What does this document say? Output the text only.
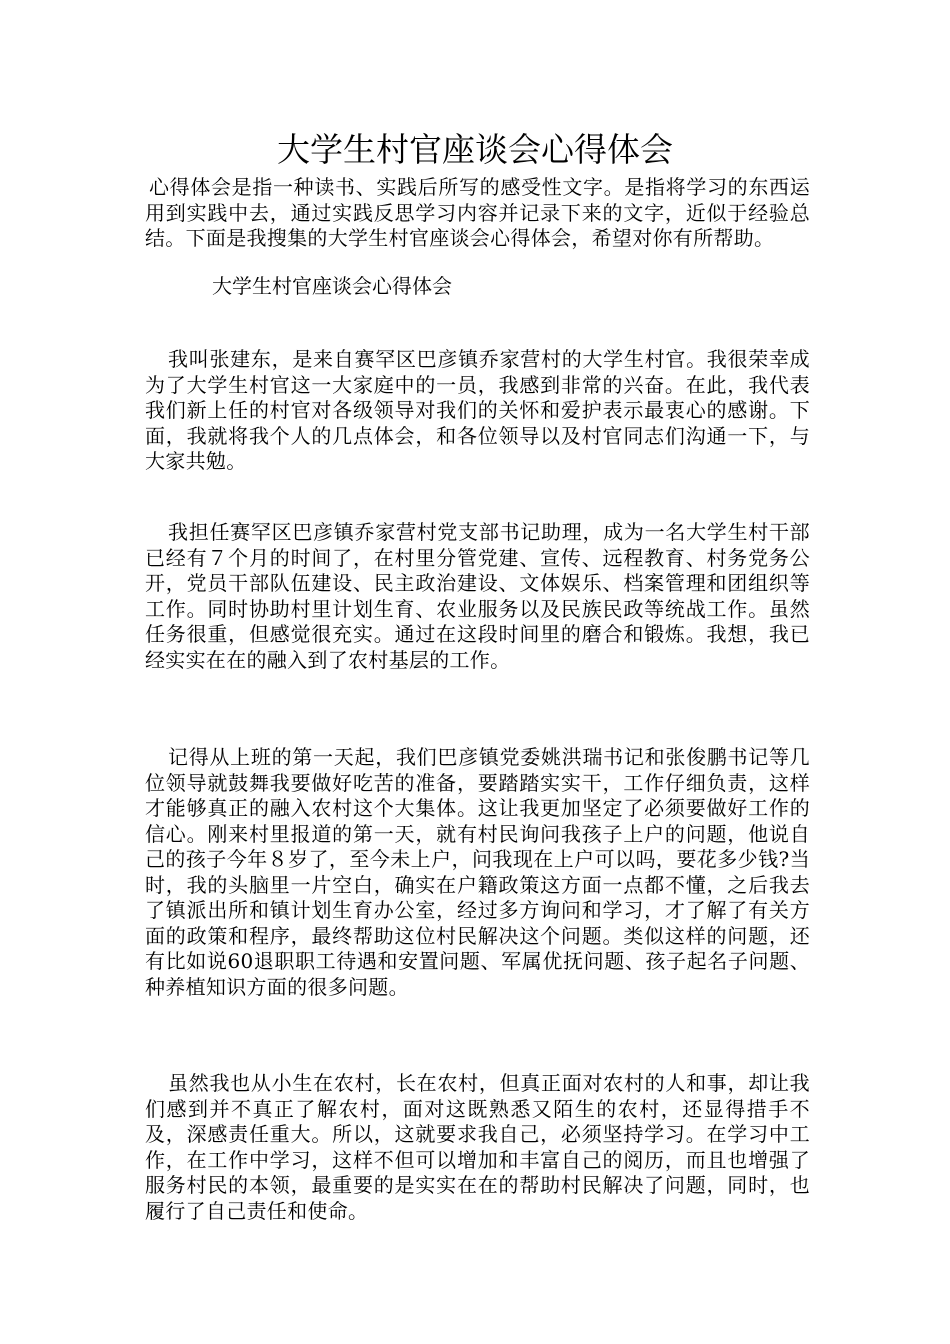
大学生村官座谈会心得体会
心得体会是指一种读书、实践后所写的感受性文字。是指将学习的东西运用到实践中去，通过实践反思学习内容并记录下来的文字，近似于经验总结。下面是我搜集的大学生村官座谈会心得体会，希望对你有所帮助。
大学生村官座谈会心得体会
我叫张建东，是来自赛罕区巴彦镇乔家营村的大学生村官。我很荣幸成为了大学生村官这一大家庭中的一员，我感到非常的兴奋。在此，我代表我们新上任的村官对各级领导对我们的关怀和爱护表示最衷心的感谢。下面，我就将我个人的几点体会，和各位领导以及村官同志们沟通一下，与大家共勉。
我担任赛罕区巴彦镇乔家营村党支部书记助理，成为一名大学生村干部已经有７个月的时间了，在村里分管党建、宣传、远程教育、村务党务公开，党员干部队伍建设、民主政治建设、文体娱乐、档案管理和团组织等工作。同时协助村里计划生育、农业服务以及民族民政等统战工作。虽然任务很重，但感觉很充实。通过在这段时间里的磨合和锻炼。我想，我已经实实在在的融入到了农村基层的工作。
记得从上班的第一天起，我们巴彦镇党委姚洪瑞书记和张俊鹏书记等几位领导就鼓舞我要做好吃苦的准备，要踏踏实实干，工作仔细负责，这样才能够真正的融入农村这个大集体。这让我更加坚定了必须要做好工作的信心。刚来村里报道的第一天，就有村民询问我孩子上户的问题，他说自己的孩子今年８岁了，至今未上户，问我现在上户可以吗，要花多少钱?当时，我的头脑里一片空白，确实在户籍政策这方面一点都不懂，之后我去了镇派出所和镇计划生育办公室，经过多方询问和学习，才了解了有关方面的政策和程序，最终帮助这位村民解决这个问题。类似这样的问题，还有比如说60退职职工待遇和安置问题、军属优抚问题、孩子起名子问题、种养植知识方面的很多问题。
虽然我也从小生在农村，长在农村，但真正面对农村的人和事，却让我们感到并不真正了解农村，面对这既熟悉又陌生的农村，还显得措手不及，深感责任重大。所以，这就要求我自己，必须坚持学习。在学习中工作，在工作中学习，这样不但可以增加和丰富自己的阅历，而且也增强了服务村民的本领，最重要的是实实在在的帮助村民解决了问题，同时，也履行了自己责任和使命。
